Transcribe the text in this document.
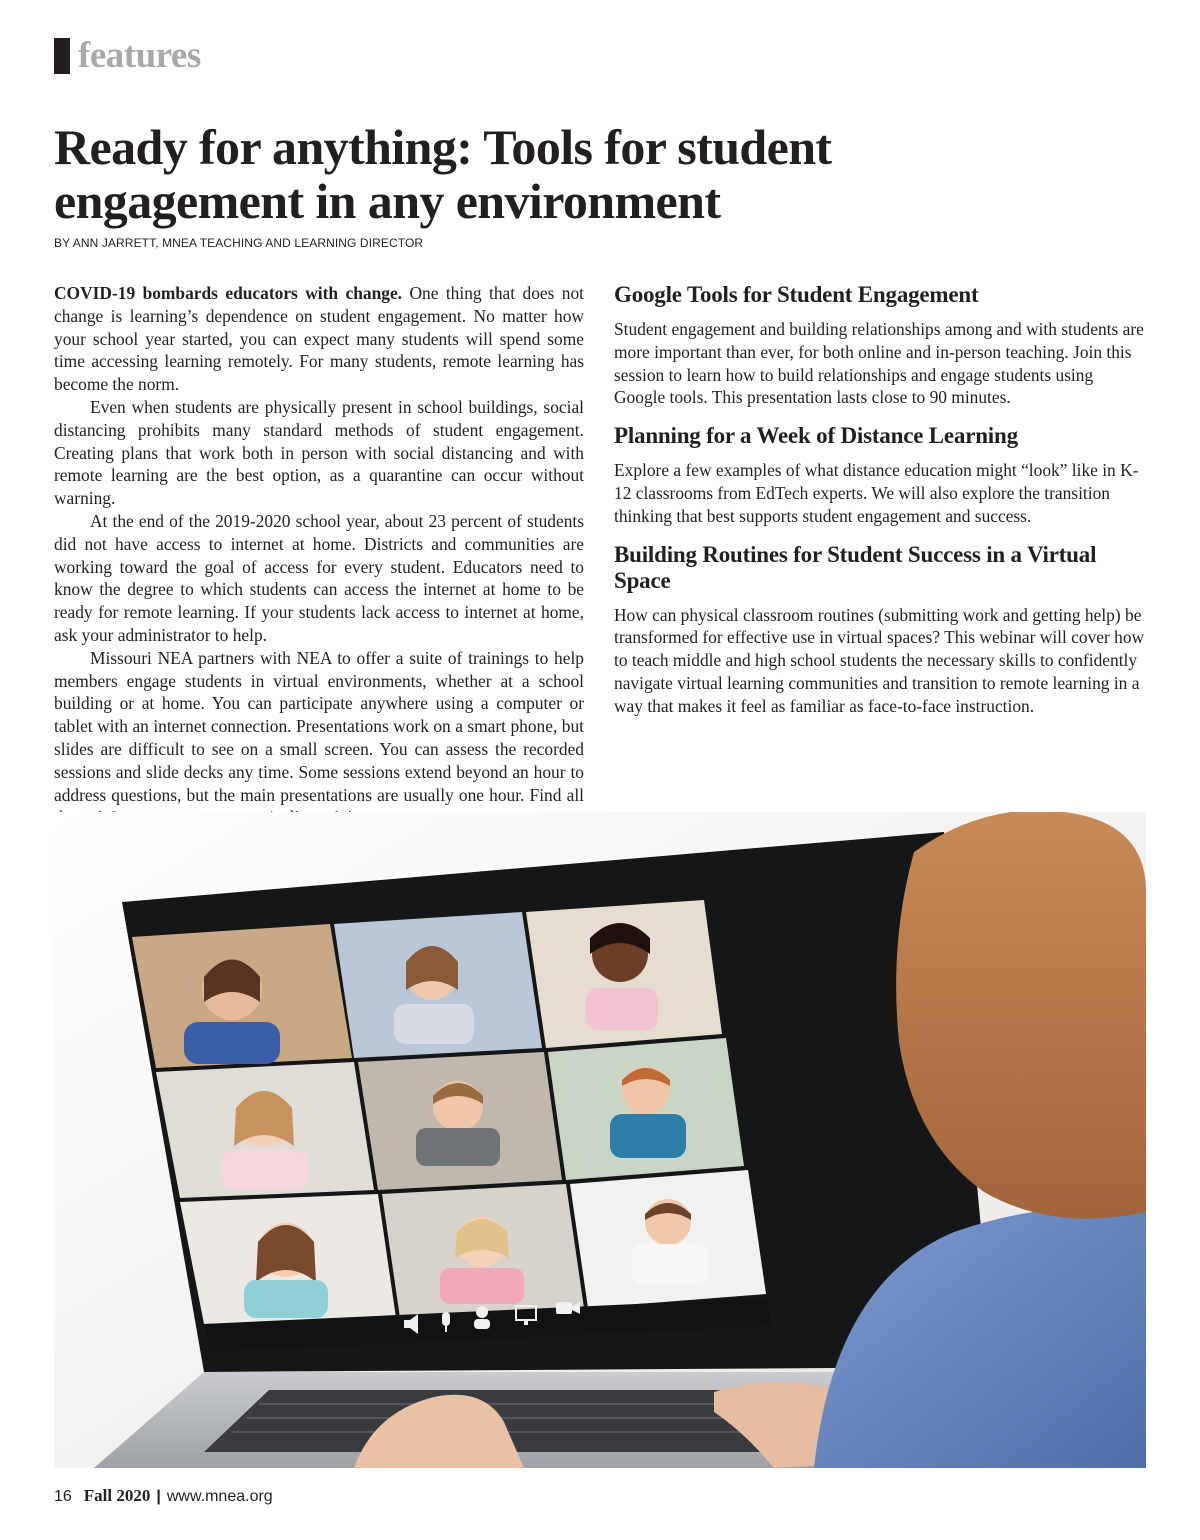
features
Ready for anything: Tools for student engagement in any environment
BY ANN JARRETT, MNEA TEACHING AND LEARNING DIRECTOR

COVID-19 bombards educators with change. One thing that does not change is learning’s dependence on student engagement. No matter how your school year started, you can expect many students will spend some time accessing learning remotely. For many students, remote learning has become the norm.

Even when students are physically present in school buildings, social distancing prohibits many standard methods of student engagement. Creating plans that work both in person with social distancing and with remote learning are the best option, as a quarantine can occur without warning.

At the end of the 2019-2020 school year, about 23 percent of students did not have access to internet at home. Districts and communities are working toward the goal of access for every student. Educators need to know the degree to which students can access the internet at home to be ready for remote learning. If your students lack access to internet at home, ask your administrator to help.

Missouri NEA partners with NEA to offer a suite of trainings to help members engage students in virtual environments, whether at a school building or at home. You can participate anywhere using a computer or tablet with an internet connection. Presentations work on a smart phone, but slides are difficult to see on a small screen. You can assess the recorded sessions and slide decks any time. Some sessions extend beyond an hour to address questions, but the main presentations are usually one hour. Find all

Google Tools for Student Engagement

Student engagement and building relationships among and with students are more important than ever, for both online and in-person teaching. Join this session to learn how to build relationships and engage students using Google tools. This presentation lasts close to 90 minutes.

Planning for a Week of Distance Learning

Explore a few examples of what distance education might “look” like in K-12 classrooms from EdTech experts. We will also explore the transition thinking that best supports student engagement and success.

Building Routines for Student Success in a Virtual Space

How can physical classroom routines (submitting work and getting help) be transformed for effective use in virtual spaces? This webinar will cover how to teach middle and high school students the necessary skills to confidently navigate virtual learning communities and transition to remote learning in a way that makes it feel as familiar as face-to-face instruction.

16 Fall 2020 | www.mnea.org
